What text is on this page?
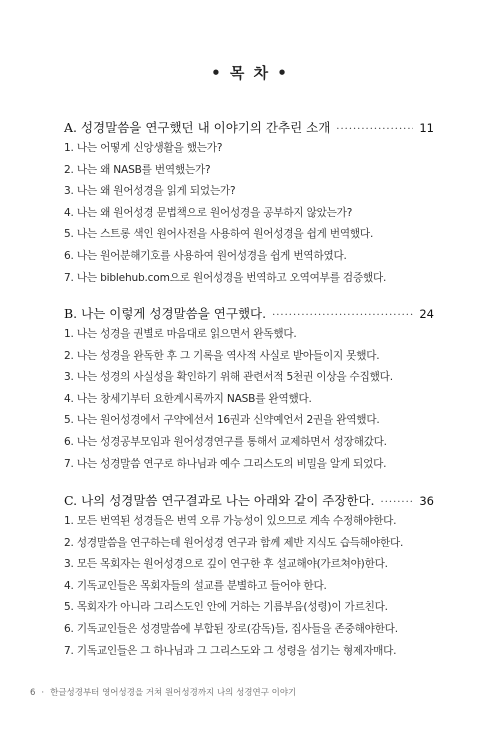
• 목 차 •
A. 성경말씀을 연구했던 내 이야기의 간추린 소개 ·····	11
1. 나는 어떻게 신앙생활을 했는가?
2. 나는 왜 NASB를 번역했는가?
3. 나는 왜 원어성경을 읽게 되었는가?
4. 나는 왜 원어성경 문법책으로 원어성경을 공부하지 않았는가?
5. 나는 스트롱 색인 원어사전을 사용하여 원어성경을 쉽게 번역했다.
6. 나는 원어분해기호를 사용하여 원어성경을 쉽게 번역하였다.
7. 나는 biblehub.com으로 원어성경을 번역하고 오역여부를 검증했다.
B. 나는 이렇게 성경말씀을 연구했다. ·····	24
1. 나는 성경을 권별로 마음대로 읽으면서 완독했다.
2. 나는 성경을 완독한 후 그 기록을 역사적 사실로 받아들이지 못했다.
3. 나는 성경의 사실성을 확인하기 위해 관련서적 5천권 이상을 수집했다.
4. 나는 창세기부터 요한계시록까지 NASB를 완역했다.
5. 나는 원어성경에서 구약에선서 16권과 신약예언서 2권을 완역했다.
6. 나는 성경공부모임과 원어성경연구를 통해서 교제하면서 성장해갔다.
7. 나는 성경말씀 연구로 하나님과 예수 그리스도의 비밀을 알게 되었다.
C. 나의 성경말씀 연구결과로 나는 아래와 같이 주장한다. ·····	36
1. 모든 번역된 성경들은 번역 오류 가능성이 있으므로 계속 수정해야한다.
2. 성경말씀을 연구하는데 원어성경 연구과 함께 제반 지식도 습득해야한다.
3. 모든 목회자는 원어성경으로 깊이 연구한 후 설교해야(가르쳐야)한다.
4. 기독교인들은 목회자들의 설교를 분별하고 들어야 한다.
5. 목회자가 아니라 그리스도인 안에 거하는 기름부음(성령)이 가르친다.
6. 기독교인들은 성경말씀에 부합된 장로(감독)들, 집사들을 존중해야한다.
7. 기독교인들은 그 하나님과 그 그리스도와 그 성령을 섬기는 형제자매다.
6 · 한글성경부터 영어성경을 거쳐 원어성경까지 나의 성경연구 이야기
